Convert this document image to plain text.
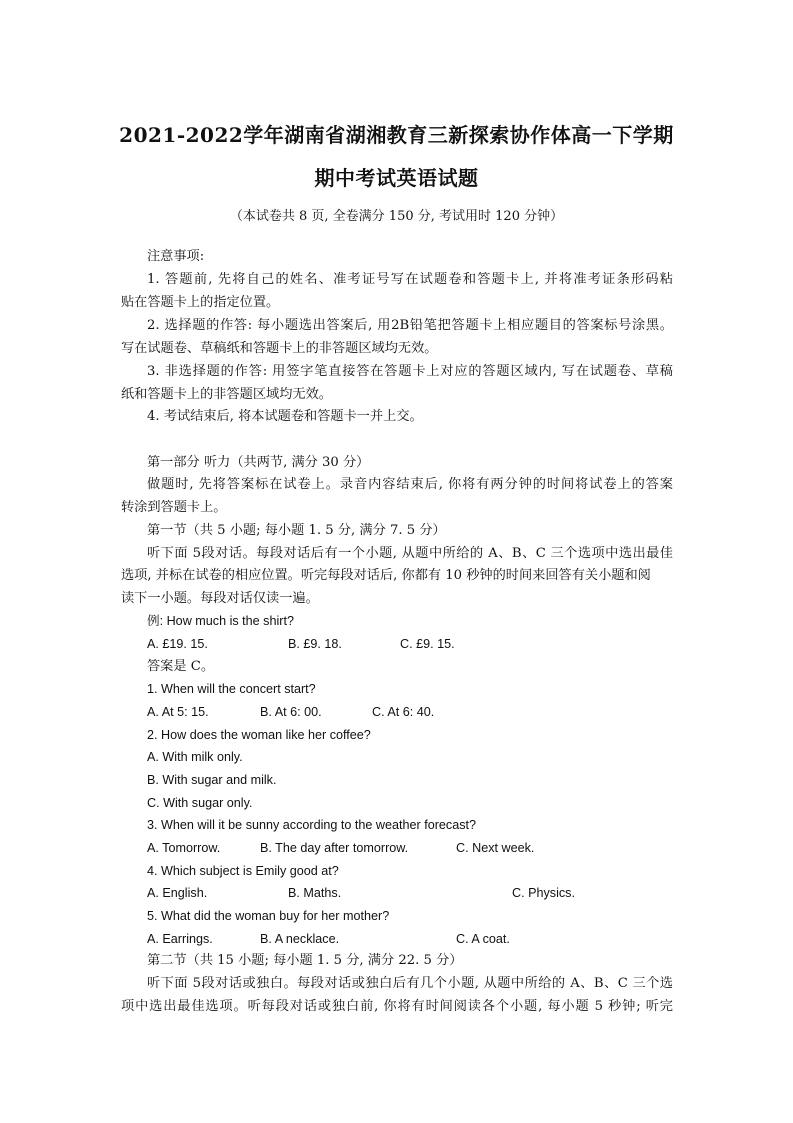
2021-2022学年湖南省湖湘教育三新探索协作体高一下学期
期中考试英语试题
（本试卷共 8 页, 全卷满分 150 分, 考试用时 120 分钟）
注意事项:
1. 答题前, 先将自己的姓名、准考证号写在试题卷和答题卡上, 并将准考证条形码粘
贴在答题卡上的指定位置。
2. 选择题的作答: 每小题选出答案后, 用2B铅笔把答题卡上相应题目的答案标号涂黑。
写在试题卷、草稿纸和答题卡上的非答题区域均无效。
3. 非选择题的作答: 用签字笔直接答在答题卡上对应的答题区域内, 写在试题卷、草稿
纸和答题卡上的非答题区域均无效。
4. 考试结束后, 将本试题卷和答题卡一并上交。
第一部分 听力（共两节, 满分 30 分）
做题时, 先将答案标在试卷上。录音内容结束后, 你将有两分钟的时间将试卷上的答案
转涂到答题卡上。
第一节（共 5 小题; 每小题 1. 5 分, 满分 7. 5 分）
听下面 5段对话。每段对话后有一个小题, 从题中所给的 A、B、C 三个选项中选出最佳
选项, 并标在试卷的相应位置。听完每段对话后, 你都有 10 秒钟的时间来回答有关小题和阅
读下一小题。每段对话仅读一遍。
例: How much is the shirt?
A. £19. 15.	B. £9. 18.	C. £9. 15.
答案是 C。
1. When will the concert start?
A. At 5: 15.	B. At 6: 00.	C. At 6: 40.
2. How does the woman like her coffee?
A. With milk only.
B. With sugar and milk.
C. With sugar only.
3. When will it be sunny according to the weather forecast?
A. Tomorrow.	B. The day after tomorrow.	C. Next week.
4. Which subject is Emily good at?
A. English.	B. Maths.	C. Physics.
5. What did the woman buy for her mother?
A. Earrings.	B. A necklace.	C. A coat.
第二节（共 15 小题; 每小题 1. 5 分, 满分 22. 5 分）
听下面 5段对话或独白。每段对话或独白后有几个小题, 从题中所给的 A、B、C 三个选
项中选出最佳选项。听每段对话或独白前, 你将有时间阅读各个小题, 每小题 5 秒钟; 听完
